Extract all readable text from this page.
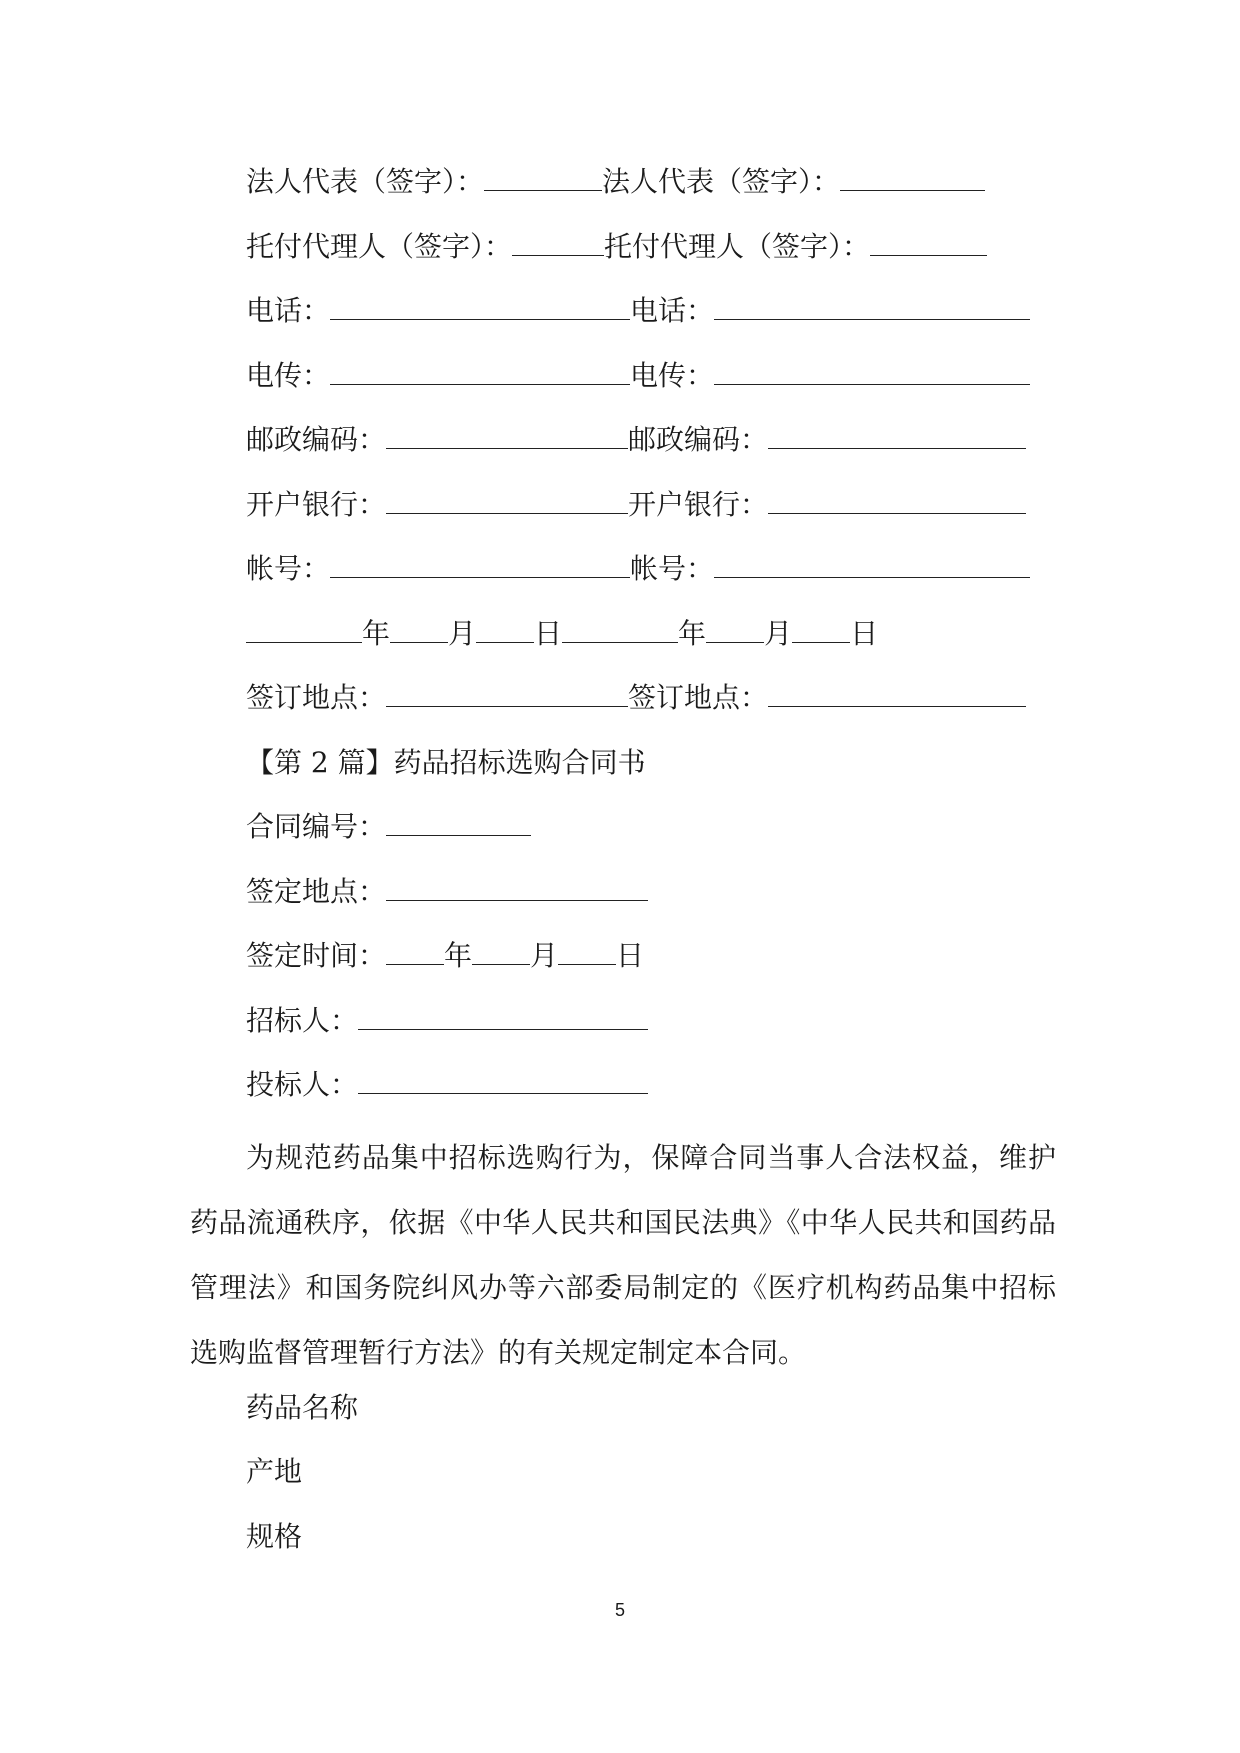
法人代表（签字）：	法人代表（签字）：
托付代理人（签字）：	托付代理人（签字）：
电话：	电话：
电传：	电传：
邮政编码：	邮政编码：
开户银行：	开户银行：
帐号：	帐号：
年 月 日	年 月 日
签订地点：	签订地点：
【第 2 篇】药品招标选购合同书
合同编号：
签定地点：
签定时间： 年 月 日
招标人：
投标人：
为规范药品集中招标选购行为，保障合同当事人合法权益，维护药品流通秩序，依据《中华人民共和国民法典》《中华人民共和国药品管理法》和国务院纠风办等六部委局制定的《医疗机构药品集中招标选购监督管理暂行方法》的有关规定制定本合同。
药品名称
产地
规格
5
